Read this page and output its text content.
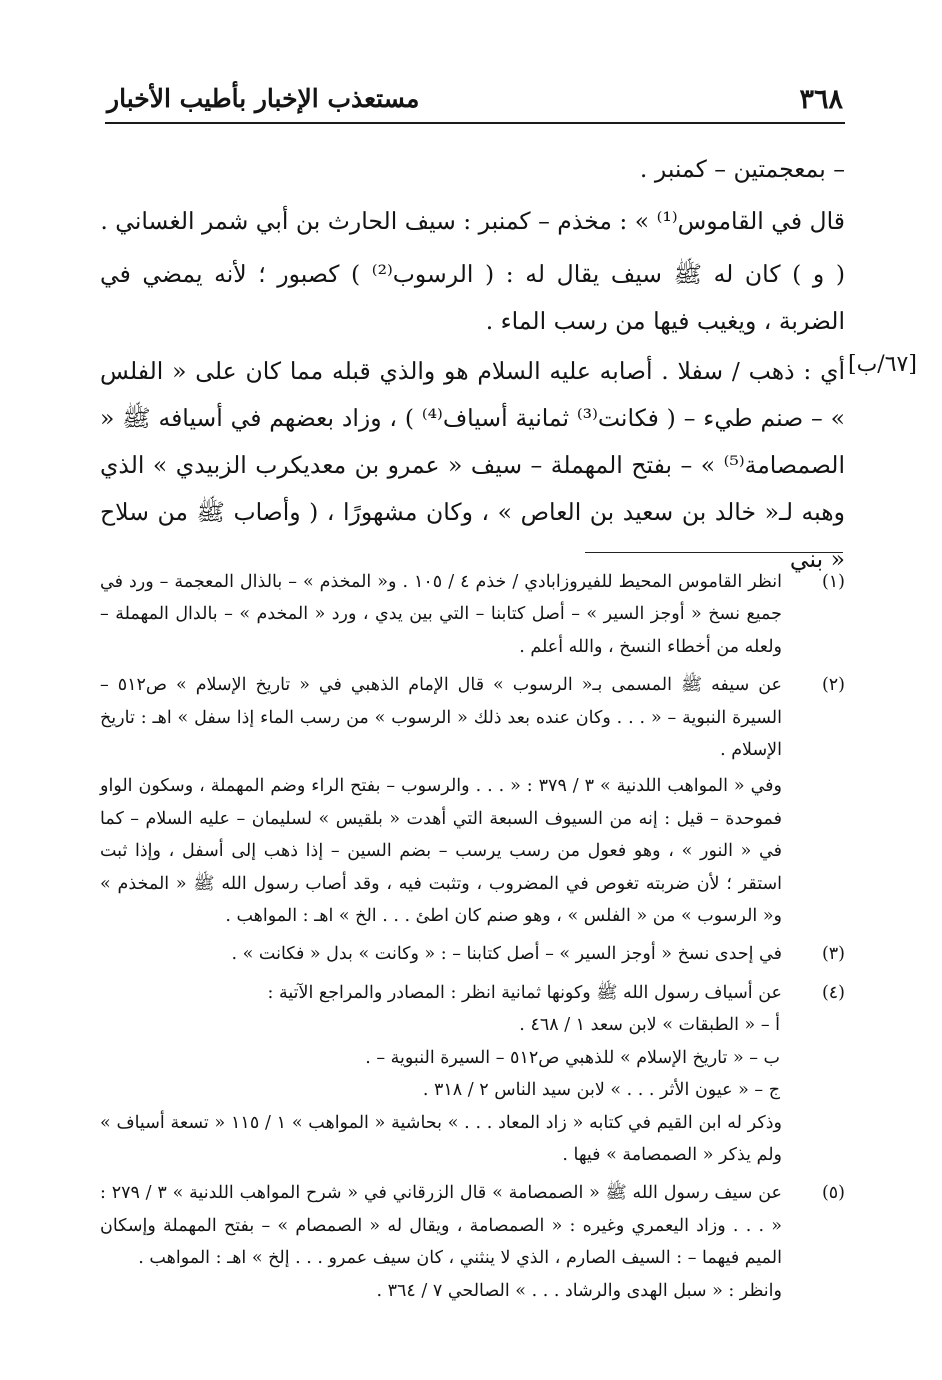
٣٦٨
مستعذب الإخبار بأطيب الأخبار

– بمعجمتين – كمنبر .

قال في القاموس⁽¹⁾ » : مخذم – كمنبر : سيف الحارث بن أبي شمر الغساني .

( و ) كان له ﷺ سيف يقال له : ( الرسوب⁽²⁾ ) كصبور ؛ لأنه يمضي في الضربة ، ويغيب فيها من رسب الماء .

أي : ذهب / سفلا . أصابه عليه السلام هو والذي قبله مما كان على « الفلس » – صنم طيء – ( فكانت⁽³⁾ ثمانية أسياف⁽⁴⁾ ) ، وزاد بعضهم في أسيافه ﷺ « الصمصامة⁽⁵⁾ » – بفتح المهملة – سيف « عمرو بن معديكرب الزبيدي » الذي وهبه لـ« خالد بن سعيد بن العاص » ، وكان مشهورًا ، ( وأصاب ﷺ من سلاح « بني

[٦٧/ب]
(١)

انظر القاموس المحيط للفيروزابادي / خذم ٤ / ١٠٥ . و« المخذم » – بالذال المعجمة – ورد في جميع نسخ « أوجز السير » – أصل كتابنا – التي بين يدي ، ورد « المخدم » – بالدال المهملة – ولعله من أخطاء النسخ ، والله أعلم .

(٢)

عن سيفه ﷺ المسمى بـ« الرسوب » قال الإمام الذهبي في « تاريخ الإسلام » ص٥١٢ – السيرة النبوية – « . . . وكان عنده بعد ذلك « الرسوب » من رسب الماء إذا سفل » اهـ : تاريخ الإسلام .

وفي « المواهب اللدنية » ٣ / ٣٧٩ : « . . . والرسوب – بفتح الراء وضم المهملة ، وسكون الواو فموحدة – قيل : إنه من السيوف السبعة التي أهدت « بلقيس » لسليمان – عليه السلام – كما في « النور » ، وهو فعول من رسب يرسب – بضم السين – إذا ذهب إلى أسفل ، وإذا ثبت استقر ؛ لأن ضربته تغوص في المضروب ، وتثبت فيه ، وقد أصاب رسول الله ﷺ « المخذم » و« الرسوب » من « الفلس » ، وهو صنم كان اطئ . . . الخ » اهـ : المواهب .

(٣)

في إحدى نسخ « أوجز السير » – أصل كتابنا – : « وكانت » بدل « فكانت » .

(٤)

عن أسياف رسول الله ﷺ وكونها ثمانية انظر : المصادر والمراجع الآتية :

أ – « الطبقات » لابن سعد ١ / ٤٦٨ .

ب – « تاريخ الإسلام » للذهبي ص٥١٢ – السيرة النبوية – .

ج – « عيون الأثر . . . » لابن سيد الناس ٢ / ٣١٨ .

وذكر له ابن القيم في كتابه « زاد المعاد . . . » بحاشية « المواهب » ١ / ١١٥ « تسعة أسياف » ولم يذكر « الصمصامة » فيها .

(٥)

عن سيف رسول الله ﷺ « الصمصامة » قال الزرقاني في « شرح المواهب اللدنية » ٣ / ٢٧٩ : « . . . وزاد اليعمري وغيره : « الصمصامة ، ويقال له « الصمصام » – بفتح المهملة وإسكان الميم فيهما – : السيف الصارم ، الذي لا ينثني ، كان سيف عمرو . . . إلخ » اهـ : المواهب .

وانظر : « سبل الهدى والرشاد . . . » الصالحي ٧ / ٣٦٤ .
